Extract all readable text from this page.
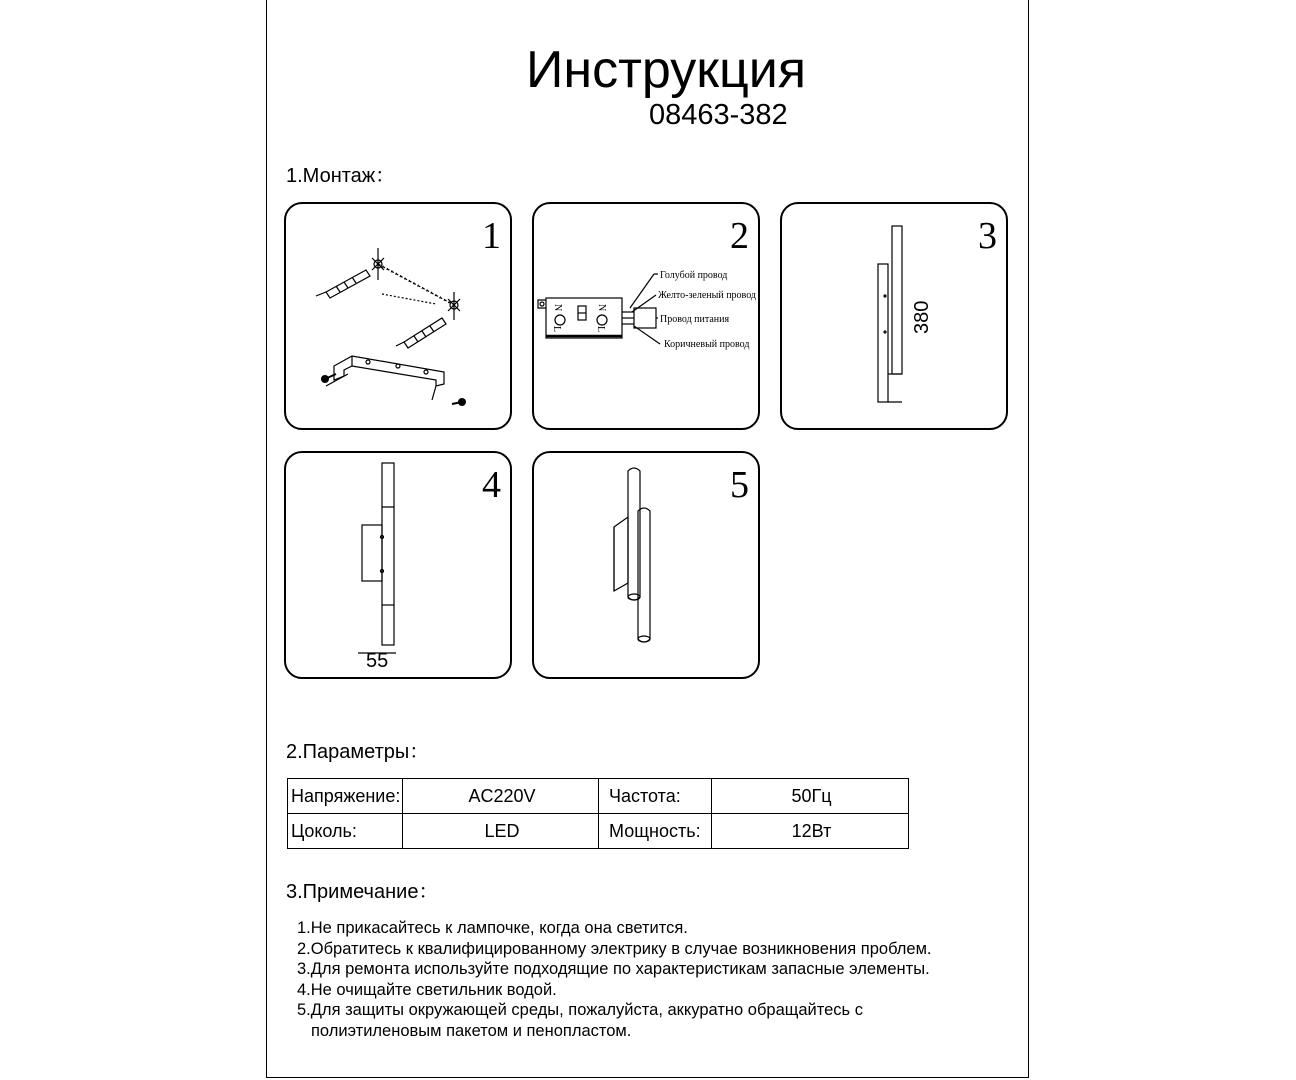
Инструкция
08463-382
1.Монтаж：
1	2
N
L
N
L
Голубой провод
Желто-зеленый провод
Провод питания
Коричневый провод
3
380
4
55
5
2.Параметры：
Напряжение:	AC220V	Частота:	50Гц
Цоколь:	LED	Мощность:	12Вт
3.Примечание：
1.Не прикасайтесь к лампочке, когда она светится.
2.Обратитесь к квалифицированному электрику в случае возникновения проблем.
3.Для ремонта используйте подходящие по характеристикам запасные элементы.
4.Не очищайте светильник водой.
5.Для защиты окружающей среды, пожалуйста, аккуратно обращайтесь с
полиэтиленовым пакетом и пенопластом.
